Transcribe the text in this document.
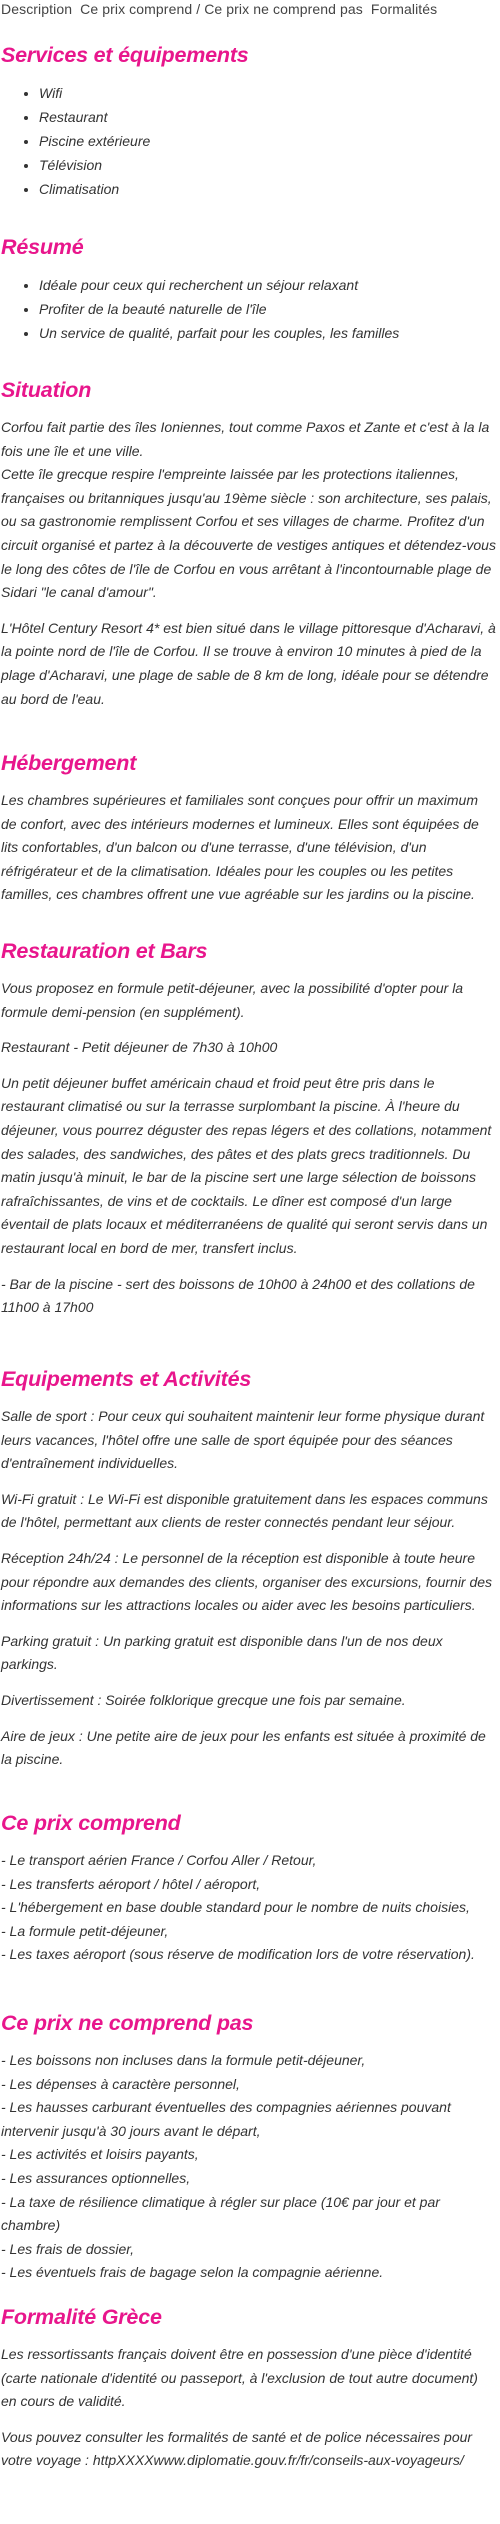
Description Ce prix comprend / Ce prix ne comprend pas Formalités
Services et équipements
• Wifi
• Restaurant
• Piscine extérieure
• Télévision
• Climatisation
Résumé
• Idéale pour ceux qui recherchent un séjour relaxant
• Profiter de la beauté naturelle de l'île
• Un service de qualité, parfait pour les couples, les familles
Situation

Corfou fait partie des îles Ioniennes, tout comme Paxos et Zante et c'est à la la fois une île et une ville.

Cette île grecque respire l'empreinte laissée par les protections italiennes, françaises ou britanniques jusqu'au 19ème siècle : son architecture, ses palais, ou sa gastronomie remplissent Corfou et ses villages de charme. Profitez d'un circuit organisé et partez à la découverte de vestiges antiques et détendez-vous le long des côtes de l'île de Corfou en vous arrêtant à l'incontournable plage de Sidari "le canal d'amour".

L'Hôtel Century Resort 4* est bien situé dans le village pittoresque d'Acharavi, à la pointe nord de l'île de Corfou. Il se trouve à environ 10 minutes à pied de la plage d'Acharavi, une plage de sable de 8 km de long, idéale pour se détendre au bord de l'eau.

Hébergement

Les chambres supérieures et familiales sont conçues pour offrir un maximum de confort, avec des intérieurs modernes et lumineux. Elles sont équipées de lits confortables, d'un balcon ou d'une terrasse, d'une télévision, d'un réfrigérateur et de la climatisation. Idéales pour les couples ou les petites familles, ces chambres offrent une vue agréable sur les jardins ou la piscine.

Restauration et Bars

Vous proposez en formule petit-déjeuner, avec la possibilité d'opter pour la formule demi-pension (en supplément).

Restaurant - Petit déjeuner de 7h30 à 10h00

Un petit déjeuner buffet américain chaud et froid peut être pris dans le restaurant climatisé ou sur la terrasse surplombant la piscine. À l'heure du déjeuner, vous pourrez déguster des repas légers et des collations, notamment des salades, des sandwiches, des pâtes et des plats grecs traditionnels. Du matin jusqu'à minuit, le bar de la piscine sert une large sélection de boissons rafraîchissantes, de vins et de cocktails. Le dîner est composé d'un large éventail de plats locaux et méditerranéens de qualité qui seront servis dans un restaurant local en bord de mer, transfert inclus.

- Bar de la piscine - sert des boissons de 10h00 à 24h00 et des collations de 11h00 à 17h00

Equipements et Activités

Salle de sport : Pour ceux qui souhaitent maintenir leur forme physique durant leurs vacances, l'hôtel offre une salle de sport équipée pour des séances d'entraînement individuelles.

Wi-Fi gratuit : Le Wi-Fi est disponible gratuitement dans les espaces communs de l'hôtel, permettant aux clients de rester connectés pendant leur séjour.

Réception 24h/24 : Le personnel de la réception est disponible à toute heure pour répondre aux demandes des clients, organiser des excursions, fournir des informations sur les attractions locales ou aider avec les besoins particuliers.

Parking gratuit : Un parking gratuit est disponible dans l'un de nos deux parkings.

Divertissement : Soirée folklorique grecque une fois par semaine.

Aire de jeux : Une petite aire de jeux pour les enfants est située à proximité de la piscine.

Ce prix comprend

- Le transport aérien France / Corfou Aller / Retour,

- Les transferts aéroport / hôtel / aéroport,

- L'hébergement en base double standard pour le nombre de nuits choisies,

- La formule petit-déjeuner,

- Les taxes aéroport (sous réserve de modification lors de votre réservation).

Ce prix ne comprend pas

- Les boissons non incluses dans la formule petit-déjeuner,

- Les dépenses à caractère personnel,

- Les hausses carburant éventuelles des compagnies aériennes pouvant intervenir jusqu'à 30 jours avant le départ,

- Les activités et loisirs payants,

- Les assurances optionnelles,

- La taxe de résilience climatique à régler sur place (10€ par jour et par chambre)

- Les frais de dossier,

- Les éventuels frais de bagage selon la compagnie aérienne.

Formalité Grèce

Les ressortissants français doivent être en possession d'une pièce d'identité (carte nationale d'identité ou passeport, à l'exclusion de tout autre document) en cours de validité.

Vous pouvez consulter les formalités de santé et de police nécessaires pour votre voyage : httpXXXXwww.diplomatie.gouv.fr/fr/conseils-aux-voyageurs/
